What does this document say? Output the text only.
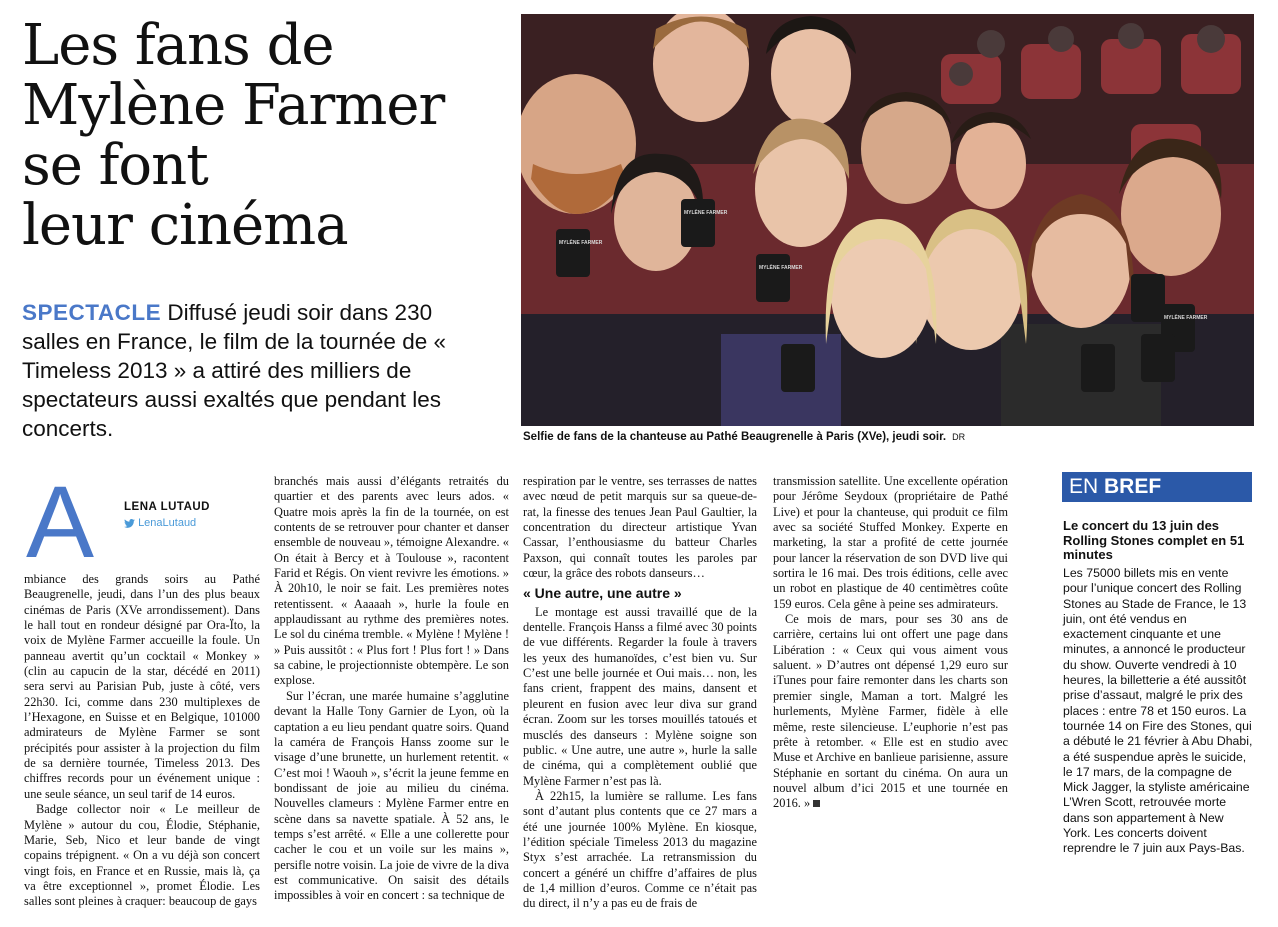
Les fans de
Mylène Farmer
se font
leur cinéma

SPECTACLE Diffusé jeudi soir dans 230 salles en France, le film de la tournée de « Timeless 2013 » a attiré des milliers de spectateurs aussi exaltés que pendant les concerts.

MYLÈNE FARMER
MYLÈNE FARMER
MYLÈNE FARMER
MYLÈNE FARMER
Selfie de fans de la chanteuse au Pathé Beaugrenelle à Paris (XVe), jeudi soir. DR
A	LENA LUTAUD
LenaLutaud

mbiance des grands soirs au Pathé Beaugrenelle, jeudi, dans l’un des plus beaux cinémas de Paris (XVe arrondissement). Dans le hall tout en rondeur désigné par Ora-Ïto, la voix de Mylène Farmer accueille la foule. Un panneau avertit qu’un cocktail « Monkey » (clin au capucin de la star, décédé en 2011) sera servi au Parisian Pub, juste à côté, vers 22h30. Ici, comme dans 230 multiplexes de l’Hexagone, en Suisse et en Belgique, 101000 admirateurs de Mylène Farmer se sont précipités pour assister à la projection du film de sa dernière tournée, Timeless 2013. Des chiffres records pour un événement unique : une seule séance, un seul tarif de 14 euros.

Badge collector noir « Le meilleur de Mylène » autour du cou, Élodie, Stéphanie, Marie, Seb, Nico et leur bande de vingt copains trépignent. « On a vu déjà son concert vingt fois, en France et en Russie, mais là, ça va être exceptionnel », promet Élodie. Les salles sont pleines à craquer: beaucoup de gays

branchés mais aussi d’élégants retraités du quartier et des parents avec leurs ados. « Quatre mois après la fin de la tournée, on est contents de se retrouver pour chanter et danser ensemble de nouveau », témoigne Alexandre. « On était à Bercy et à Toulouse », racontent Farid et Régis. On vient revivre les émotions. » À 20h10, le noir se fait. Les premières notes retentissent. « Aaaaah », hurle la foule en applaudissant au rythme des premières notes. Le sol du cinéma tremble. « Mylène ! Mylène ! » Puis aussitôt : « Plus fort ! Plus fort ! » Dans sa cabine, le projectionniste obtempère. Le son explose.

Sur l’écran, une marée humaine s’agglutine devant la Halle Tony Garnier de Lyon, où la captation a eu lieu pendant quatre soirs. Quand la caméra de François Hanss zoome sur le visage d’une brunette, un hurlement retentit. « C’est moi ! Waouh », s’écrit la jeune femme en bondissant de joie au milieu du cinéma. Nouvelles clameurs : Mylène Farmer entre en scène dans sa navette spatiale. À 52 ans, le temps s’est arrêté. « Elle a une collerette pour cacher le cou et un voile sur les mains », persifle notre voisin. La joie de vivre de la diva est communicative. On saisit des détails impossibles à voir en concert : sa technique de

respiration par le ventre, ses terrasses de nattes avec nœud de petit marquis sur sa queue-de-rat, la finesse des tenues Jean Paul Gaultier, la concentration du directeur artistique Yvan Cassar, l’enthousiasme du batteur Charles Paxson, qui connaît toutes les paroles par cœur, la grâce des robots danseurs…

« Une autre, une autre »

Le montage est aussi travaillé que de la dentelle. François Hanss a filmé avec 30 points de vue différents. Regarder la foule à travers les yeux des humanoïdes, c’est bien vu. Sur C’est une belle journée et Oui mais… non, les fans crient, frappent des mains, dansent et pleurent en fusion avec leur diva sur grand écran. Zoom sur les torses mouillés tatoués et musclés des danseurs : Mylène soigne son public. « Une autre, une autre », hurle la salle de cinéma, qui a complètement oublié que Mylène Farmer n’est pas là.

À 22h15, la lumière se rallume. Les fans sont d’autant plus contents que ce 27 mars a été une journée 100% Mylène. En kiosque, l’édition spéciale Timeless 2013 du magazine Styx s’est arrachée. La retransmission du concert a généré un chiffre d’affaires de plus de 1,4 million d’euros. Comme ce n’était pas du direct, il n’y a pas eu de frais de

transmission satellite. Une excellente opération pour Jérôme Seydoux (propriétaire de Pathé Live) et pour la chanteuse, qui produit ce film avec sa société Stuffed Monkey. Experte en marketing, la star a profité de cette journée pour lancer la réservation de son DVD live qui sortira le 16 mai. Des trois éditions, celle avec un robot en plastique de 40 centimètres coûte 159 euros. Cela gêne à peine ses admirateurs.

Ce mois de mars, pour ses 30 ans de carrière, certains lui ont offert une page dans Libération : « Ceux qui vous aiment vous saluent. » D’autres ont dépensé 1,29 euro sur iTunes pour faire remonter dans les charts son premier single, Maman a tort. Malgré les hurlements, Mylène Farmer, fidèle à elle même, reste silencieuse. L’euphorie n’est pas prête à retomber. « Elle est en studio avec Muse et Archive en banlieue parisienne, assure Stéphanie en sortant du cinéma. On aura un nouvel album d’ici 2015 et une tournée en 2016. »

EN BREF

Le concert du 13 juin des Rolling Stones complet en 51 minutes

Les 75000 billets mis en vente pour l’unique concert des Rolling Stones au Stade de France, le 13 juin, ont été vendus en exactement cinquante et une minutes, a annoncé le producteur du show. Ouverte vendredi à 10 heures, la billetterie a été aussitôt prise d’assaut, malgré le prix des places : entre 78 et 150 euros. La tournée 14 on Fire des Stones, qui a débuté le 21 février à Abu Dhabi, a été suspendue après le suicide, le 17 mars, de la compagne de Mick Jagger, la styliste américaine L’Wren Scott, retrouvée morte dans son appartement à New York. Les concerts doivent reprendre le 7 juin aux Pays-Bas.
